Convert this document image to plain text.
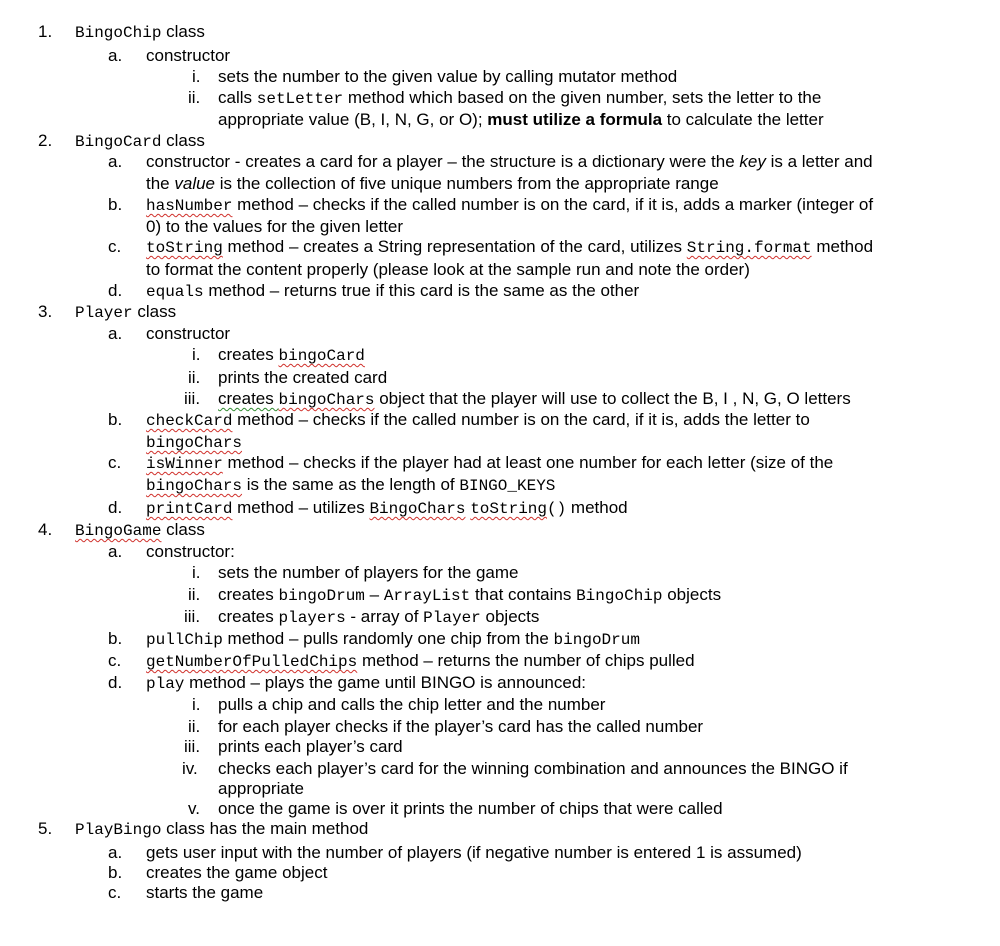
1. BingoChip class
a. constructor
i. sets the number to the given value by calling mutator method
ii. calls setLetter method which based on the given number, sets the letter to the
appropriate value (B, I, N, G, or O); must utilize a formula to calculate the letter
2. BingoCard class
a. constructor - creates a card for a player – the structure is a dictionary were the key is a letter and
the value is the collection of five unique numbers from the appropriate range
b. hasNumber method – checks if the called number is on the card, if it is, adds a marker (integer of
0) to the values for the given letter
c. toString method – creates a String representation of the card, utilizes String.format method
to format the content properly (please look at the sample run and note the order)
d. equals method – returns true if this card is the same as the other
3. Player class
a. constructor
i. creates bingoCard
ii. prints the created card
iii. creates bingoChars object that the player will use to collect the B, I , N, G, O letters
b. checkCard method – checks if the called number is on the card, if it is, adds the letter to
bingoChars
c. isWinner method – checks if the player had at least one number for each letter (size of the
bingoChars is the same as the length of BINGO_KEYS
d. printCard method – utilizes BingoChars toString() method
4. BingoGame class
a. constructor:
i. sets the number of players for the game
ii. creates bingoDrum – ArrayList that contains BingoChip objects
iii. creates players - array of Player objects
b. pullChip method – pulls randomly one chip from the bingoDrum
c. getNumberOfPulledChips method – returns the number of chips pulled
d. play method – plays the game until BINGO is announced:
i. pulls a chip and calls the chip letter and the number
ii. for each player checks if the player’s card has the called number
iii. prints each player’s card
iv. checks each player’s card for the winning combination and announces the BINGO if
appropriate
v. once the game is over it prints the number of chips that were called
5. PlayBingo class has the main method
a. gets user input with the number of players (if negative number is entered 1 is assumed)
b. creates the game object
c. starts the game
